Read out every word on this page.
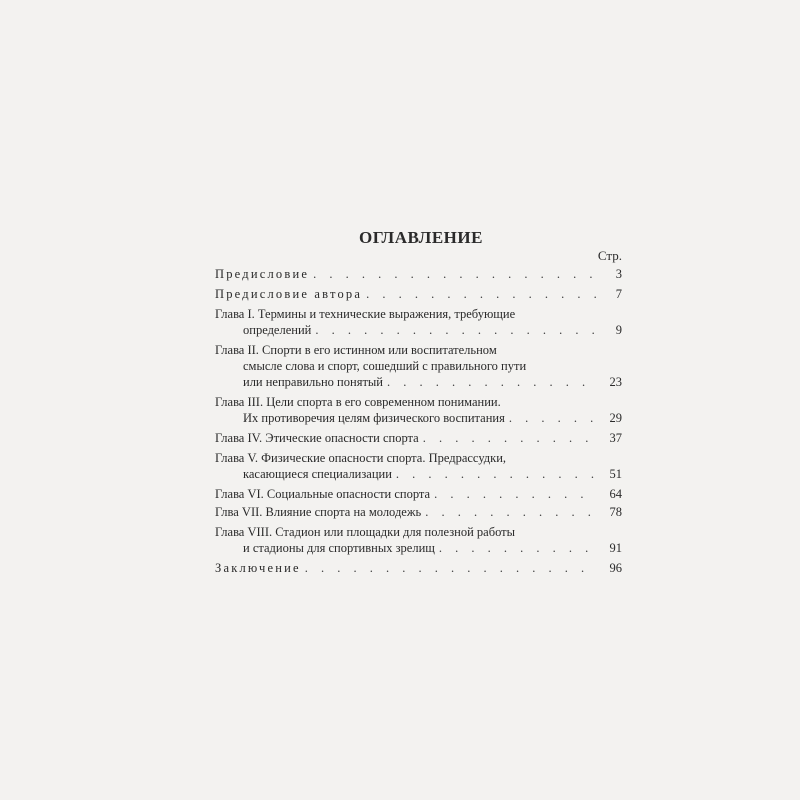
ОГЛАВЛЕНИЕ
Стр.
Предисловие . . .	3
Предисловие автора . . .	7
Глава I. Термины и технические выражения, требующие
определений . . .	9
Глава II. Спорти в его истинном или воспитательном
смысле слова и спорт, сошедший с правильного пути
или неправильно понятый . . .	23
Глава III. Цели спорта в его современном понимании.
Их противоречия целям физического воспитания . . .	29
Глава IV. Этические опасности спорта . . .	37
Глава V. Физические опасности спорта. Предрассудки,
касающиеся специализации . . .	51
Глава VI. Социальные опасности спорта . . .	64
Глва VII. Влияние спорта на молодежь . . .	78
Глава VIII. Стадион или площадки для полезной работы
и стадионы для спортивных зрелищ . . .	91
Заключение . . .	96
